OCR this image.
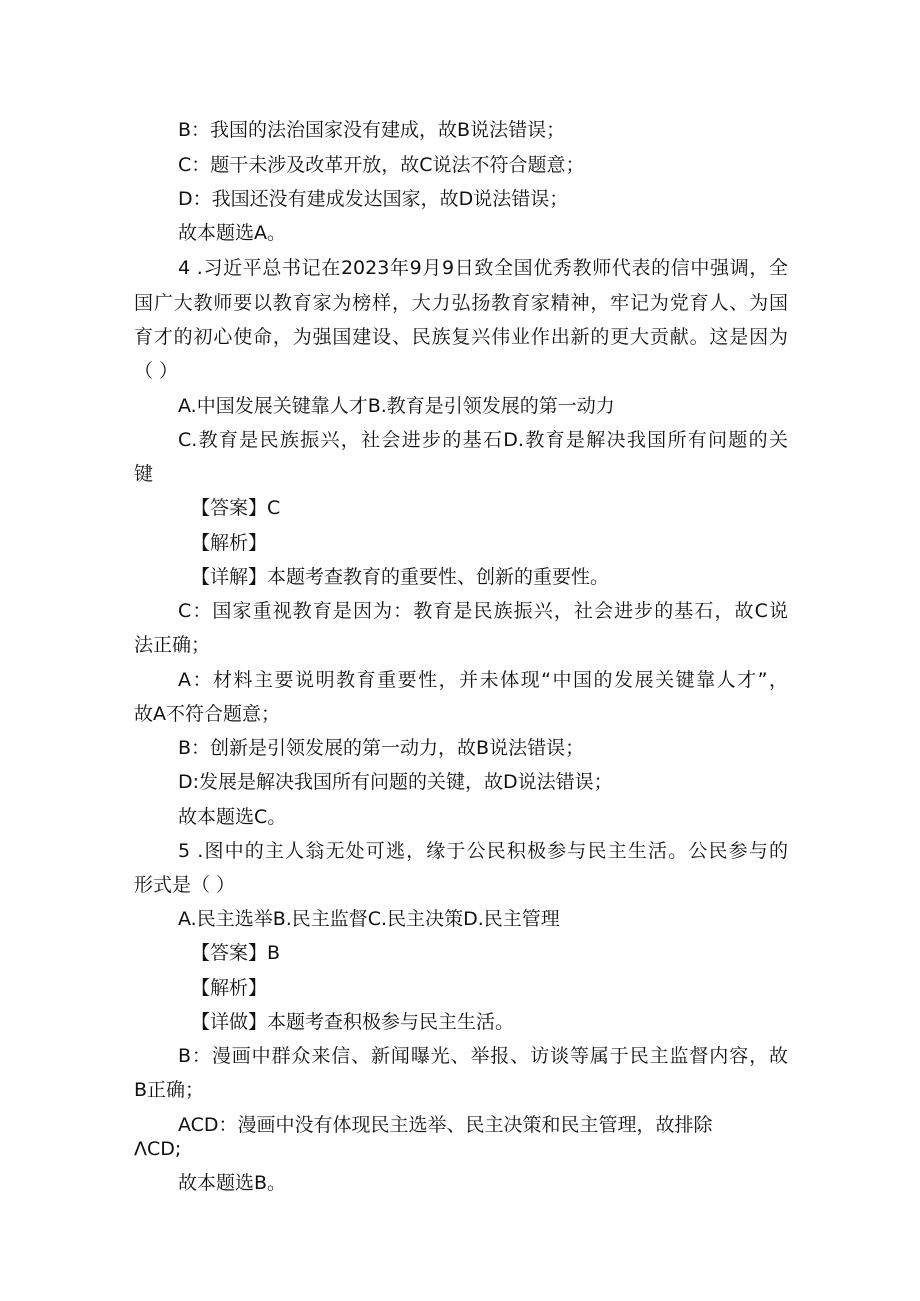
B：我国的法治国家没有建成，故B说法错误；
C：题干未涉及改革开放，故C说法不符合题意；
D：我国还没有建成发达国家，故D说法错误；
故本题选A。
4 .习近平总书记在2023年9月9日致全国优秀教师代表的信中强调，全
国广大教师要以教育家为榜样，大力弘扬教育家精神，牢记为党育人、为国
育才的初心使命，为强国建设、民族复兴伟业作出新的更大贡献。这是因为
（ ）
A.中国发展关键靠人才B.教育是引领发展的第一动力
C.教育是民族振兴，社会进步的基石D.教育是解决我国所有问题的关
键
【答案】C
【解析】
【详解】本题考查教育的重要性、创新的重要性。
C：国家重视教育是因为：教育是民族振兴，社会进步的基石，故C说
法正确；
A：材料主要说明教育重要性，并未体现“中国的发展关键靠人才”，
故A不符合题意；
B：创新是引领发展的第一动力，故B说法错误；
D:发展是解决我国所有问题的关键，故D说法错误；
故本题选C。
5 .图中的主人翁无处可逃，缘于公民积极参与民主生活。公民参与的
形式是（ ）
A.民主选举B.民主监督C.民主决策D.民主管理
【答案】B
【解析】
【详做】本题考查积极参与民主生活。
B：漫画中群众来信、新闻曝光、举报、访谈等属于民主监督内容，故
B正确；
ACD：漫画中没有体现民主选举、民主决策和民主管理，故排除
ΛCD;
故本题选B。
